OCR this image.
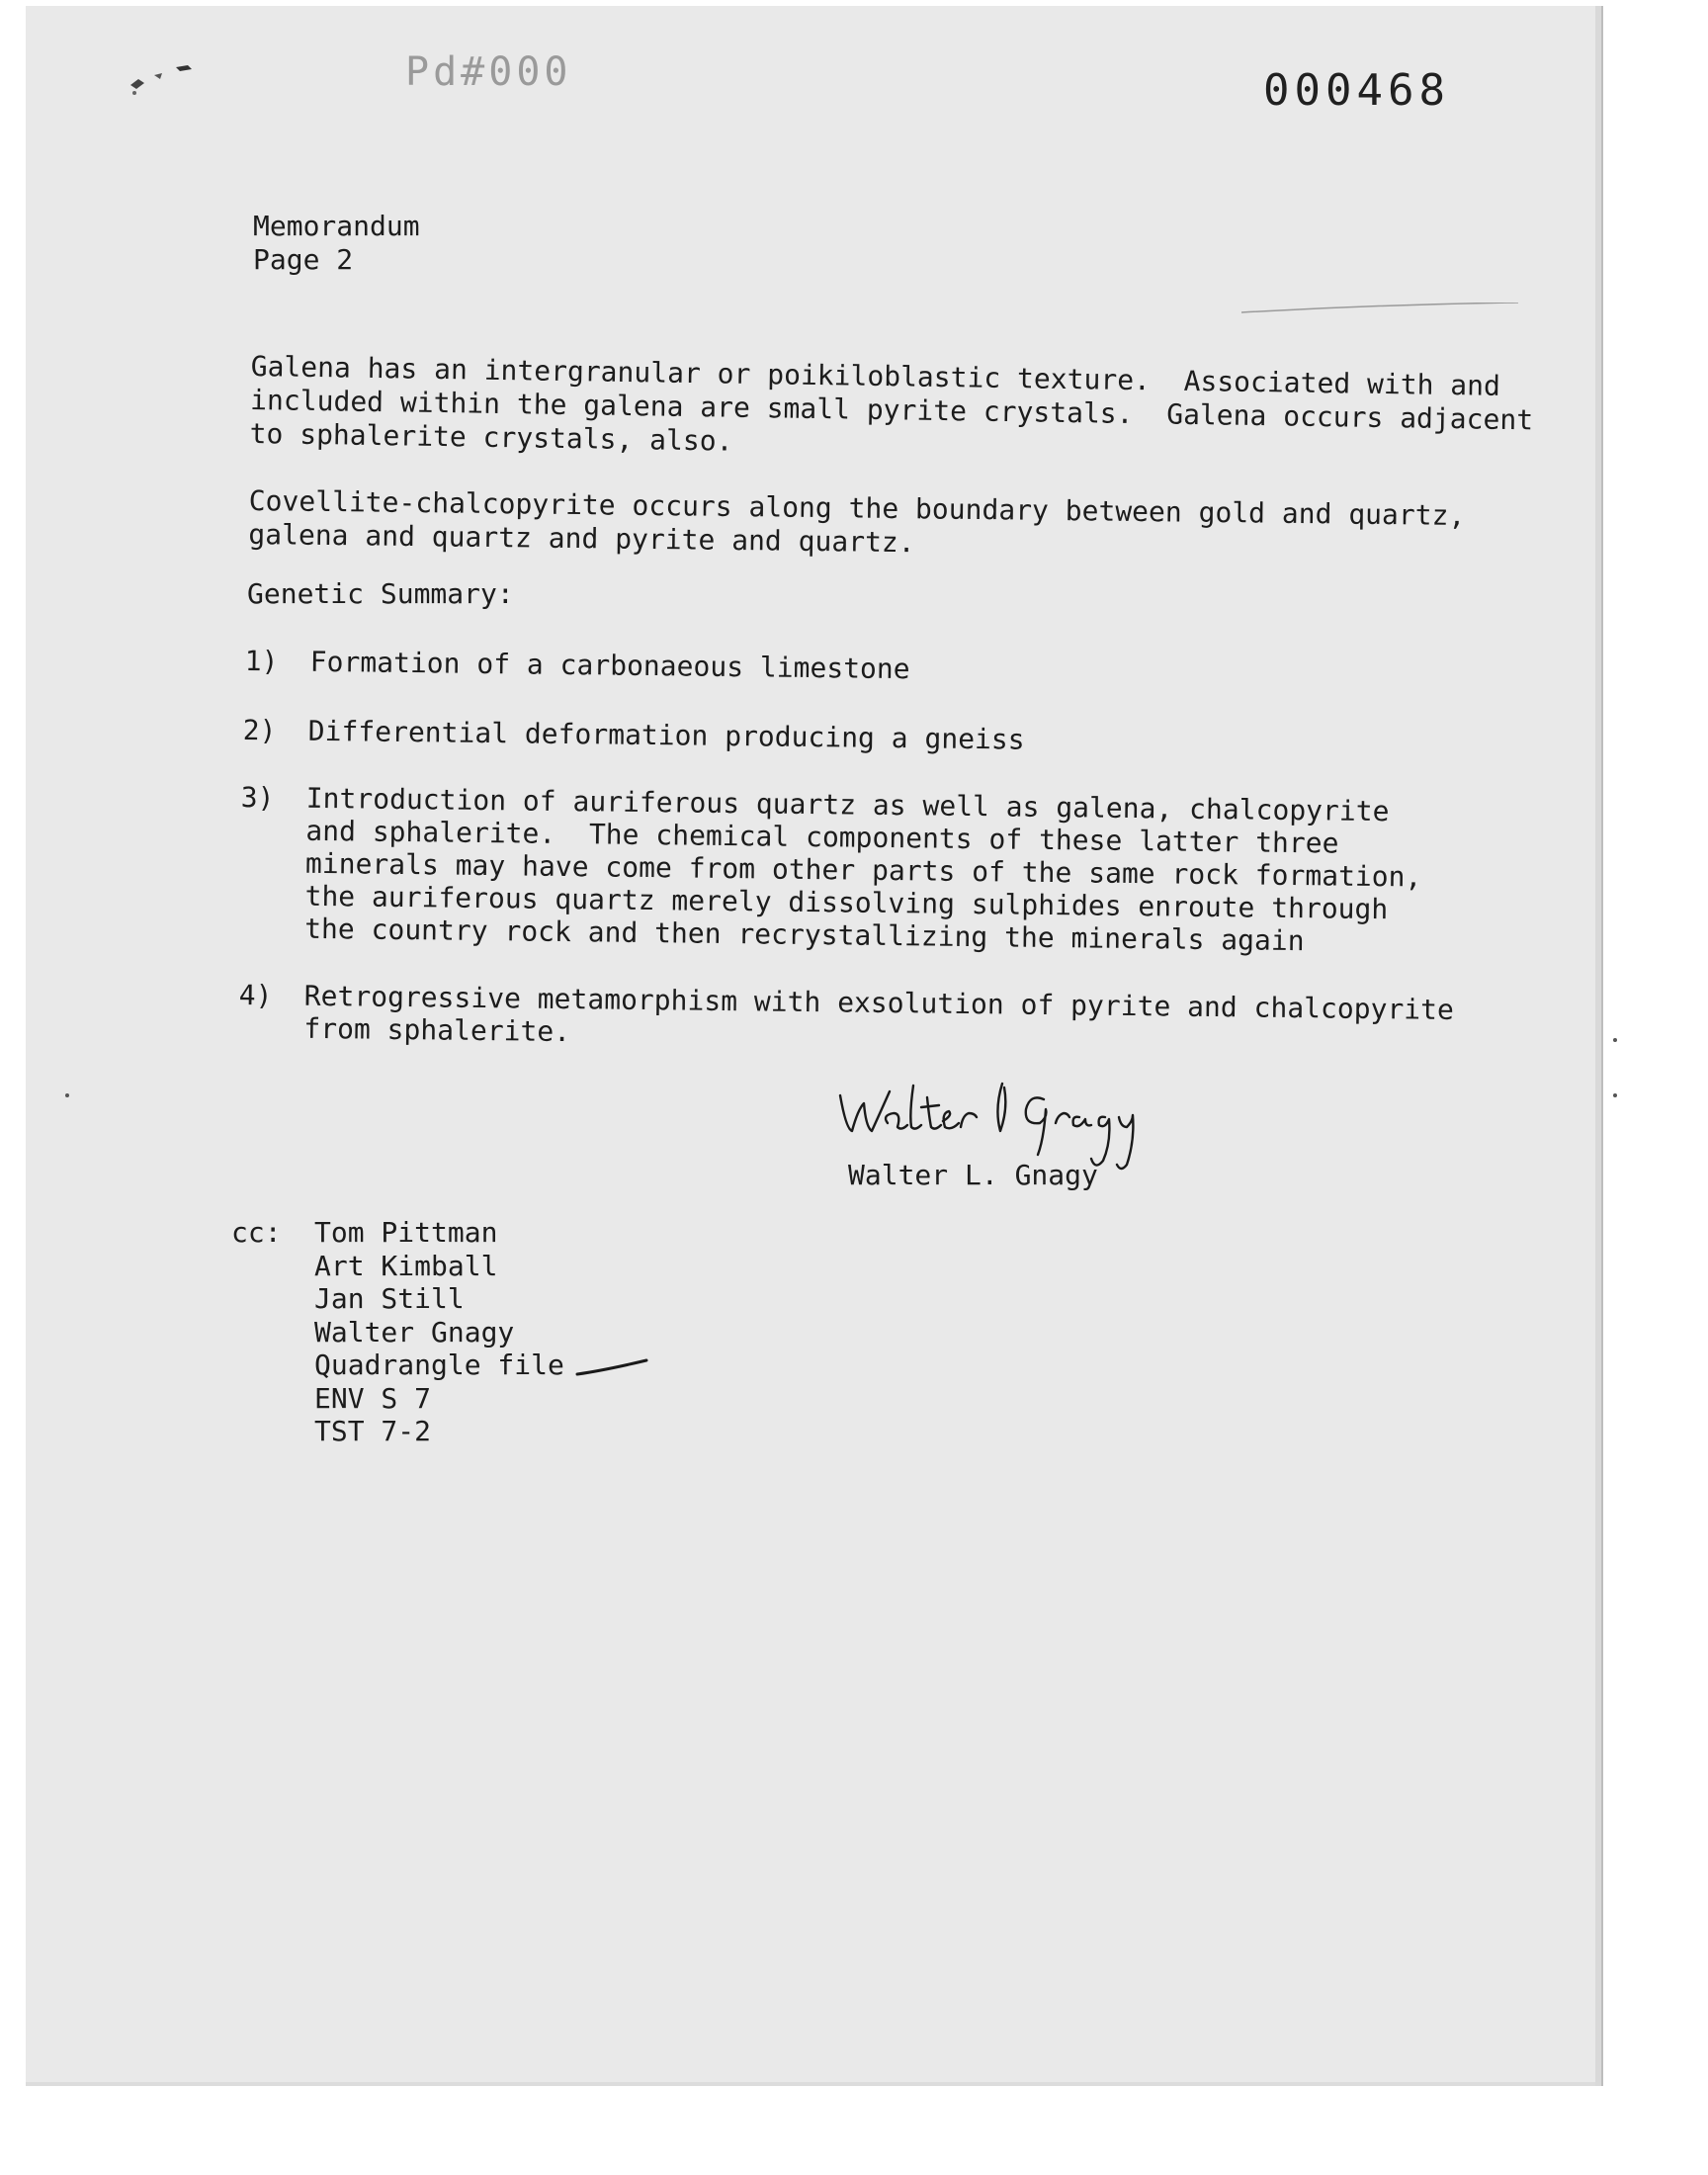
Pd#000	000468
Memorandum
Page 2
Galena has an intergranular or poikiloblastic texture.  Associated with and
included within the galena are small pyrite crystals.  Galena occurs adjacent
to sphalerite crystals, also.
Covellite-chalcopyrite occurs along the boundary between gold and quartz,
galena and quartz and pyrite and quartz.
Genetic Summary:
1) Formation of a carbonaeous limestone
2) Differential deformation producing a gneiss
3) Introduction of auriferous quartz as well as galena, chalcopyrite
and sphalerite.  The chemical components of these latter three
minerals may have come from other parts of the same rock formation,
the auriferous quartz merely dissolving sulphides enroute through
the country rock and then recrystallizing the minerals again
4) Retrogressive metamorphism with exsolution of pyrite and chalcopyrite
from sphalerite.
Walter L. Gnagy
cc: Tom Pittman
Art Kimball
Jan Still
Walter Gnagy
Quadrangle file
ENV S 7
TST 7-2
